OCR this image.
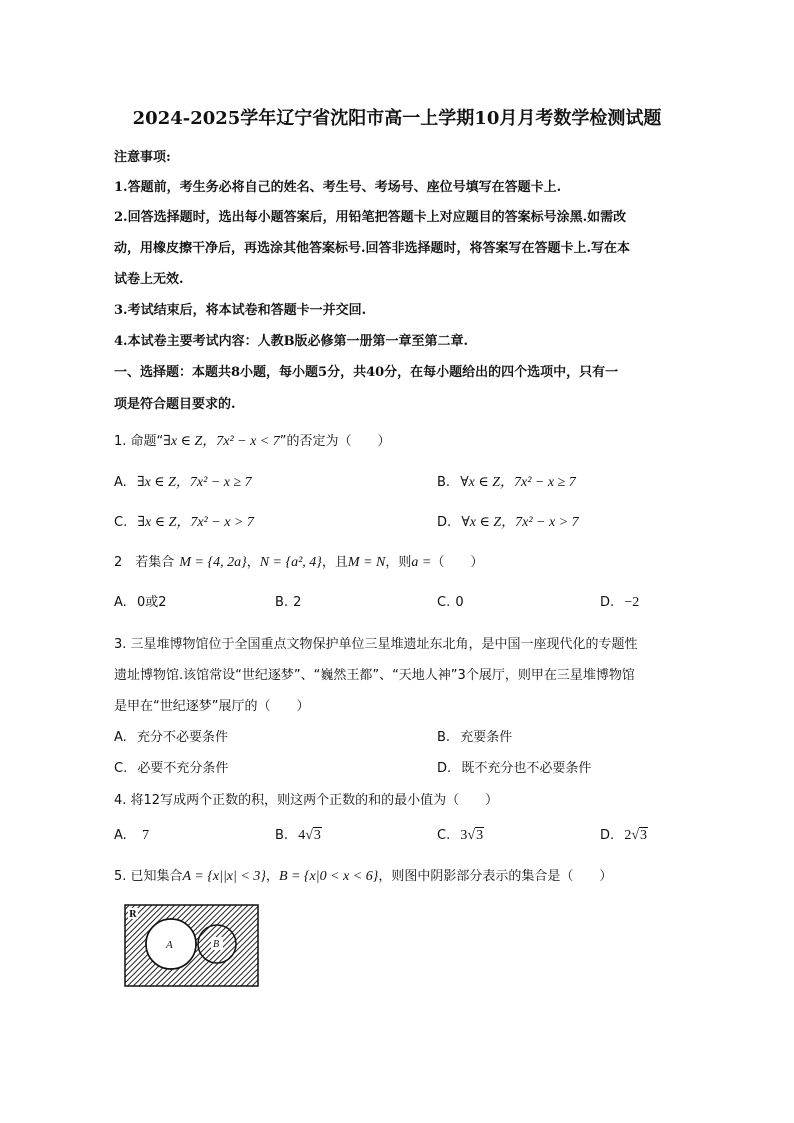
2024-2025学年辽宁省沈阳市高一上学期10月月考数学检测试题
注意事项:
1.答题前，考生务必将自己的姓名、考生号、考场号、座位号填写在答题卡上.
2.回答选择题时，选出每小题答案后，用铅笔把答题卡上对应题目的答案标号涂黑.如需改
动，用橡皮擦干净后，再选涂其他答案标号.回答非选择题时，将答案写在答题卡上.写在本
试卷上无效.
3.考试结束后，将本试卷和答题卡一并交回.
4.本试卷主要考试内容：人教B版必修第一册第一章至第二章.
一、选择题：本题共8小题，每小题5分，共40分，在每小题给出的四个选项中，只有一
项是符合题目要求的.
1. 命题“∃x ∈ Z，7x² − x < 7”的否定为（　　）
A. ∃x ∈ Z，7x² − x ≥ 7	B. ∀x ∈ Z，7x² − x ≥ 7
C. ∃x ∈ Z，7x² − x > 7	D. ∀x ∈ Z，7x² − x > 7
2　若集合 M = {4, 2a}，N = {a², 4}，且M = N，则a =（　　）
A. 0或2	B. 2	C. 0	D. −2
3. 三星堆博物馆位于全国重点文物保护单位三星堆遗址东北角，是中国一座现代化的专题性
遗址博物馆.该馆常设“世纪逐梦”、“巍然王都”、“天地人神”3个展厅，则甲在三星堆博物馆
是甲在“世纪逐梦”展厅的（　　）
A. 充分不必要条件	B. 充要条件
C. 必要不充分条件	D. 既不充分也不必要条件
4. 将12写成两个正数的积，则这两个正数的和的最小值为（　　）
A. 7	B. 4√3	C. 3√3	D. 2√3
5. 已知集合A = {x||x| < 3}，B = {x|0 < x < 6}，则图中阴影部分表示的集合是（　　）
R
A	B
